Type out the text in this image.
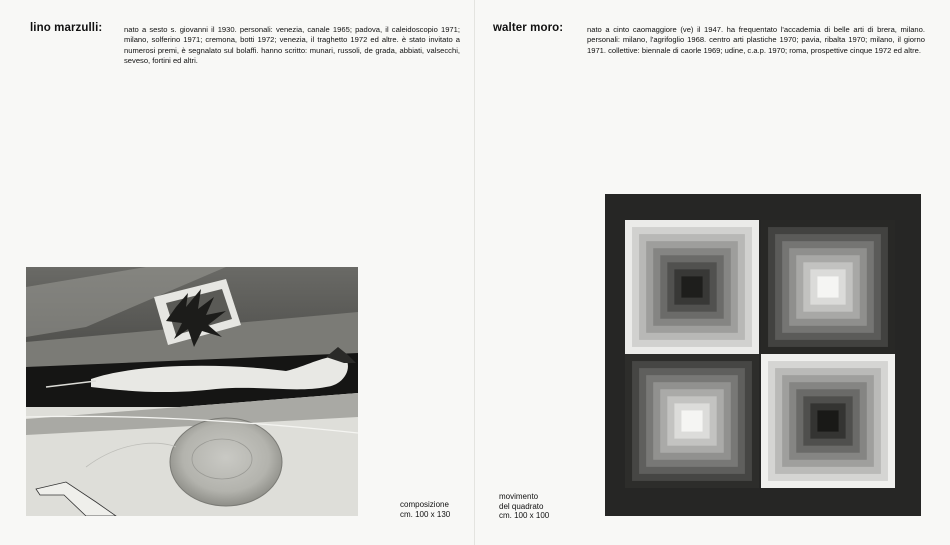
lino marzulli:	nato a sesto s. giovanni il 1930. personali: venezia, canale 1965; padova, il caleidoscopio 1971; milano, solferino 1971; cremona, botti 1972; venezia, il traghetto 1972 ed altre. è stato invitato a numerosi premi, è segnalato sul bolaffi. hanno scritto: munari, russoli, de grada, abbiati, valsecchi, seveso, fortini ed altri.
composizione
cm. 100 x 130
walter moro:	nato a cinto caomaggiore (ve) il 1947. ha frequentato l'accademia di belle arti di brera, milano. personali: milano, l'agrifoglio 1968. centro arti plastiche 1970; pavia, ribalta 1970; milano, il giorno 1971. collettive: biennale di caorle 1969; udine, c.a.p. 1970; roma, prospettive cinque 1972 ed altre.
movimento
del quadrato
cm. 100 x 100
